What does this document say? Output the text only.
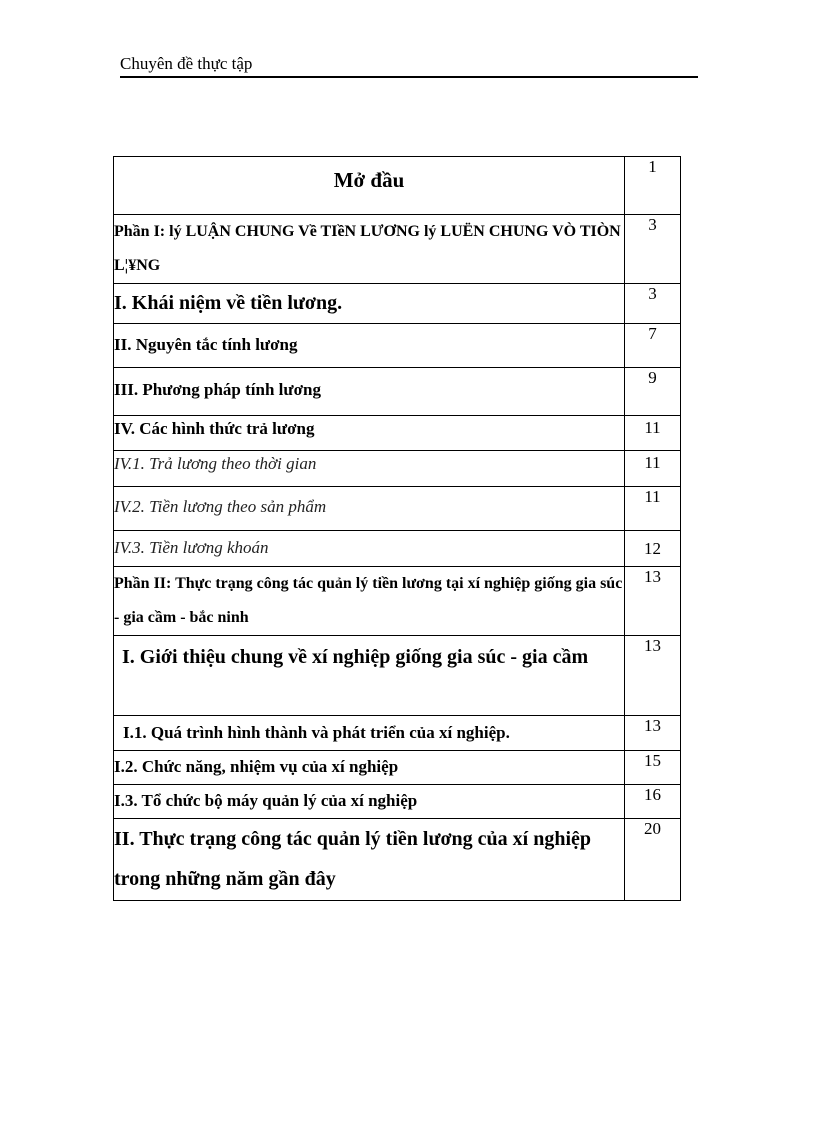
Chuyên đề thực tập
Mở đầu	1

Phần I: lý LUẬN CHUNG Về TIềN LƯƠNG lý LUËN CHUNG VÒ TIÒN L¦¥NG	3

I. Khái niệm về tiền lương.	3

II. Nguyên tắc tính lương	7

III. Phương pháp tính lương	9

IV. Các hình thức trả lương	11

IV.1. Trả lương theo thời gian	11

IV.2. Tiền lương theo sản phẩm	11

IV.3. Tiền lương khoán	12

Phần II: Thực trạng công tác quản lý tiền lương tại xí nghiệp giống gia súc - gia cầm - bắc ninh	13

I. Giới thiệu chung về xí nghiệp giống gia súc - gia cầm	13

I.1. Quá trình hình thành và phát triển của xí nghiệp.	13

I.2. Chức năng, nhiệm vụ của xí nghiệp	15

I.3. Tổ chức bộ máy quản lý của xí nghiệp	16

II. Thực trạng công tác quản lý tiền lương của xí nghiệp trong những năm gần đây	20
